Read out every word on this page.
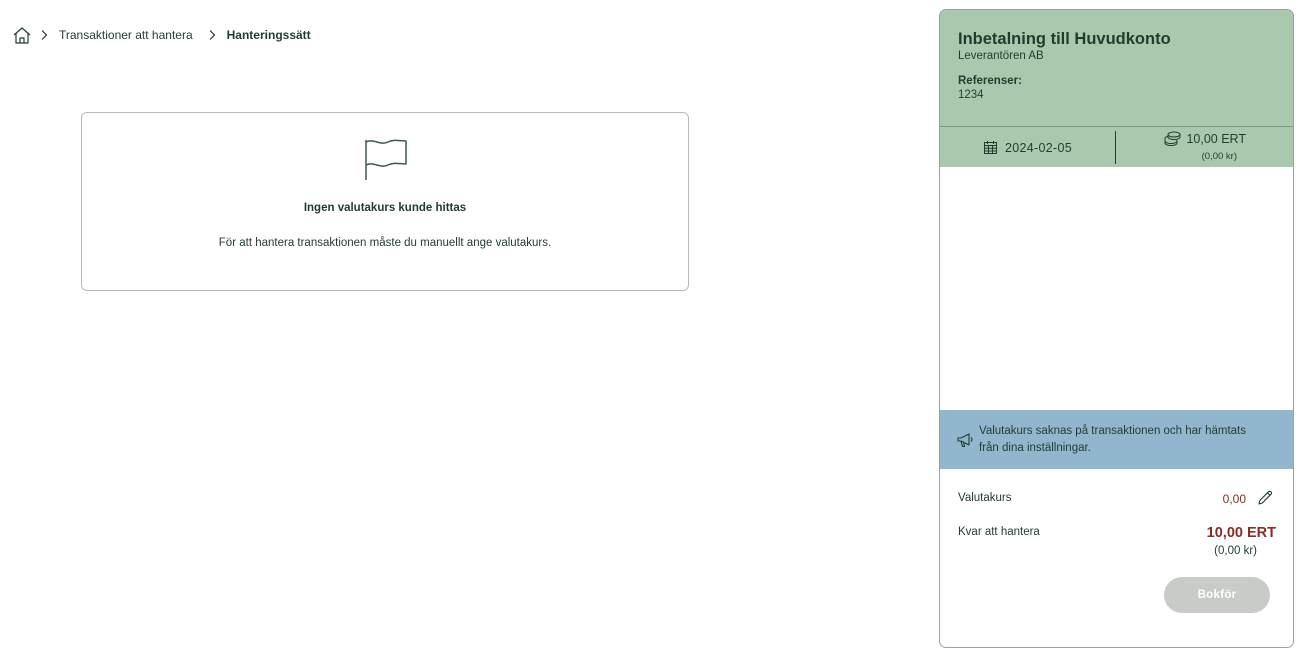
Transaktioner att hantera	Hanteringssätt
Ingen valutakurs kunde hittas
För att hantera transaktionen måste du manuellt ange valutakurs.
Inbetalning till Huvudkonto
Leverantören AB
Referenser:
1234
2024-02-05
10,00 ERT
(0,00 kr)
Valutakurs saknas på transaktionen och har hämtats från dina inställningar.
Valutakurs	0,00
Kvar att hantera	10,00 ERT
(0,00 kr)
Bokför
